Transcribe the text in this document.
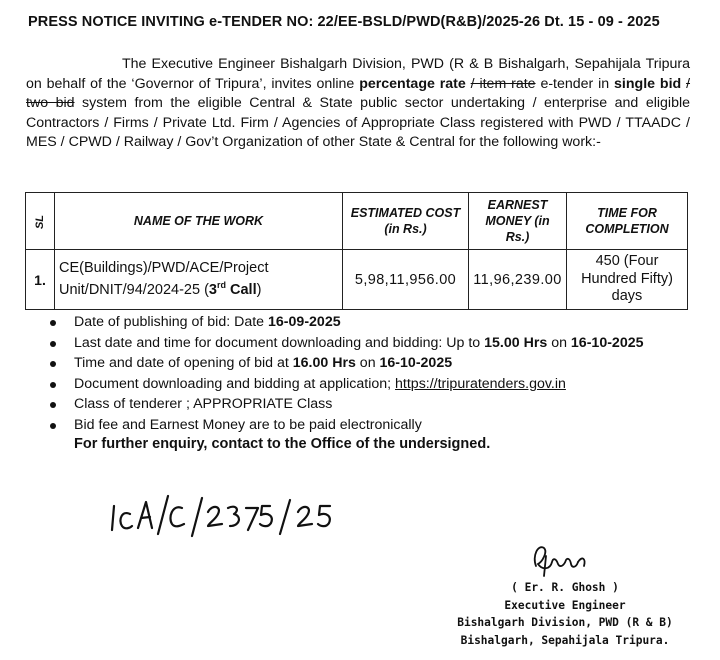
PRESS NOTICE INVITING e-TENDER NO: 22/EE-BSLD/PWD(R&B)/2025-26 Dt. 15 - 09 - 2025
The Executive Engineer Bishalgarh Division, PWD (R & B Bishalgarh, Sepahijala Tripura on behalf of the ‘Governor of Tripura’, invites online percentage rate / item rate e-tender in single bid / two bid system from the eligible Central & State public sector undertaking / enterprise and eligible Contractors / Firms / Private Ltd. Firm / Agencies of Appropriate Class registered with PWD / TTAADC / MES / CPWD / Railway / Gov’t Organization of other State & Central for the following work:-
SL	NAME OF THE WORK	ESTIMATED COST (in Rs.)	EARNEST MONEY (in Rs.)	TIME FOR COMPLETION
1.	CE(Buildings)/PWD/ACE/Project Unit/DNIT/94/2024-25 (3rd Call)	5,98,11,956.00	11,96,239.00	450 (Four Hundred Fifty) days
Date of publishing of bid: Date 16-09-2025
Last date and time for document downloading and bidding: Up to 15.00 Hrs on 16-10-2025
Time and date of opening of bid at 16.00 Hrs on 16-10-2025
Document downloading and bidding at application; https://tripuratenders.gov.in
Class of tenderer ; APPROPRIATE Class
Bid fee and Earnest Money are to be paid electronically
For further enquiry, contact to the Office of the undersigned.
( Er. R. Ghosh )
Executive Engineer
Bishalgarh Division, PWD (R & B)
Bishalgarh, Sepahijala Tripura.
